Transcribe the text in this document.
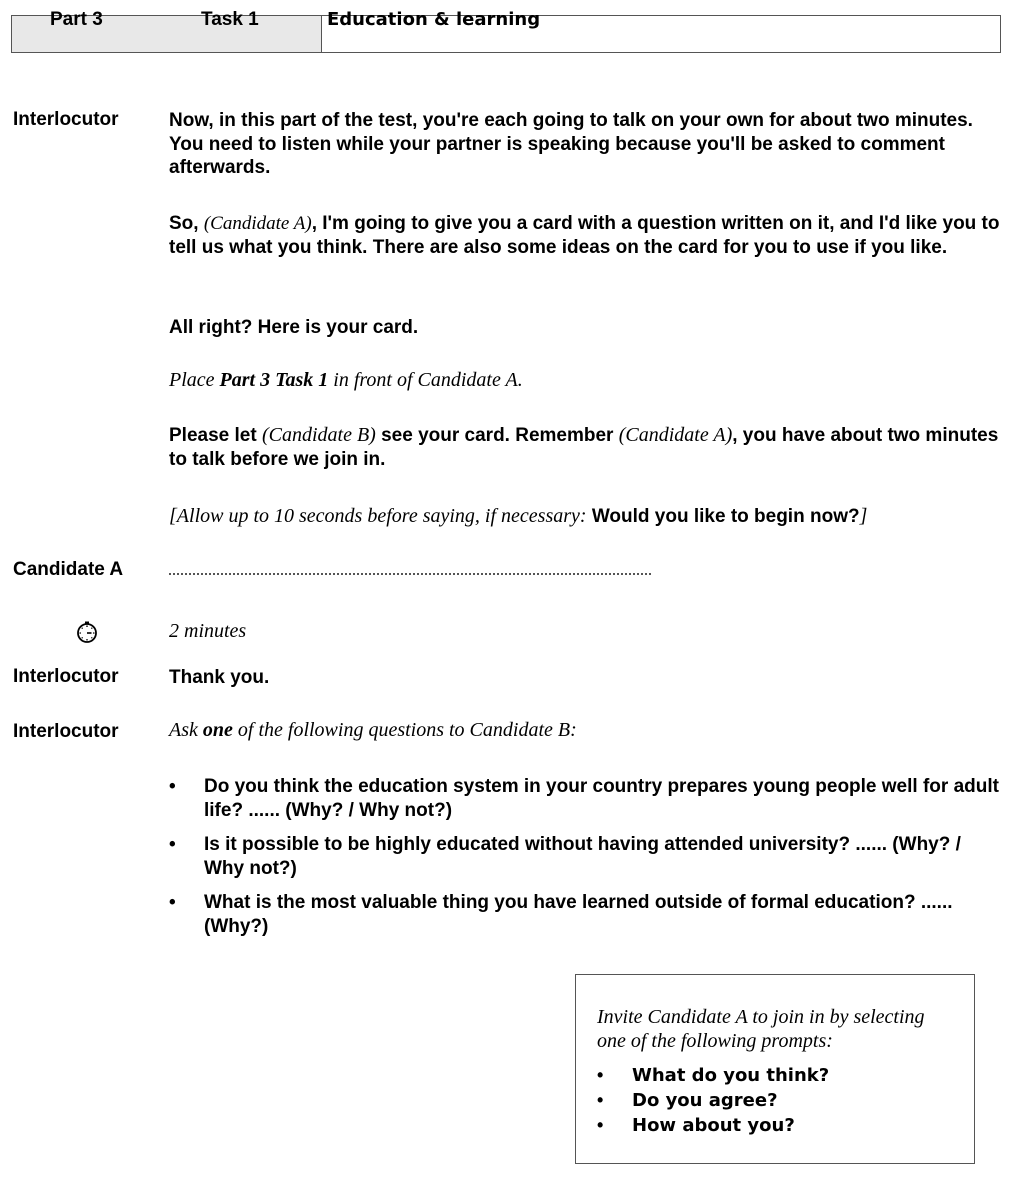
Part 3	Task 1	Education & learning
Interlocutor	Now, in this part of the test, you're each going to talk on your own for about two minutes. You need to listen while your partner is speaking because you'll be asked to comment afterwards.
So, (Candidate A), I'm going to give you a card with a question written on it, and I'd like you to tell us what you think. There are also some ideas on the card for you to use if you like.
All right? Here is your card.
Place Part 3 Task 1 in front of Candidate A.
Please let (Candidate B) see your card. Remember (Candidate A), you have about two minutes to talk before we join in.
[Allow up to 10 seconds before saying, if necessary: Would you like to begin now?]
Candidate A
2 minutes
Interlocutor	Thank you.
Interlocutor	Ask one of the following questions to Candidate B:
• Do you think the education system in your country prepares young people well for adult life? ...... (Why? / Why not?)
• Is it possible to be highly educated without having attended university? ...... (Why? / Why not?)
• What is the most valuable thing you have learned outside of formal education? ...... (Why?)
Invite Candidate A to join in by selecting one of the following prompts:
• What do you think?
• Do you agree?
• How about you?
